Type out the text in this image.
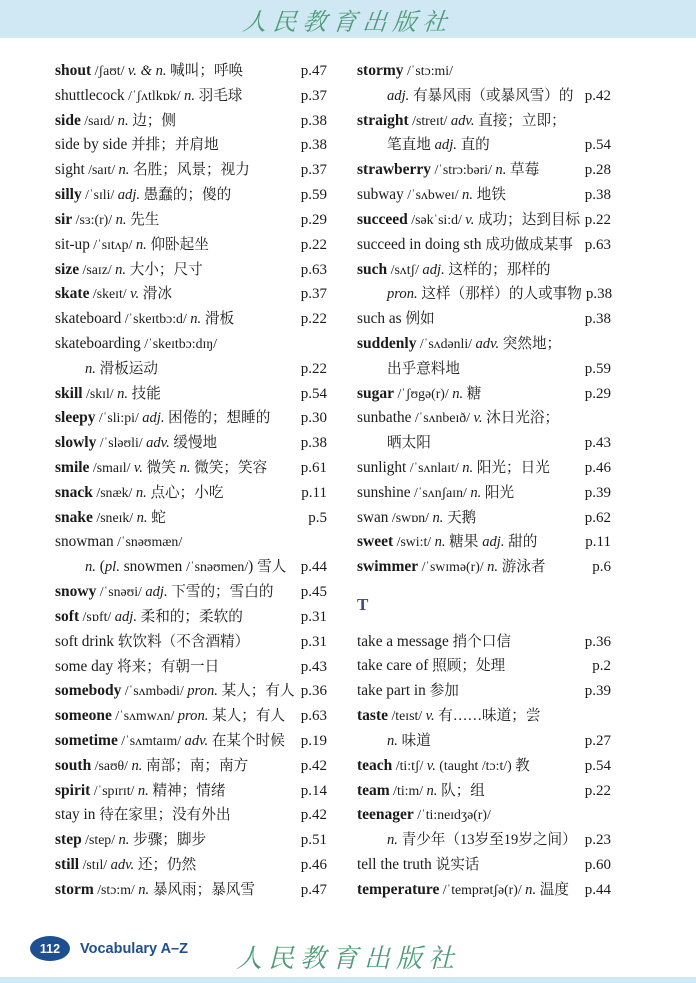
人民教育出版社
shout /ʃaʊt/ v. & n. 喊叫；呼唤	p.47
shuttlecock /ˈʃʌtlkɒk/ n. 羽毛球	p.37
side /saɪd/ n. 边；侧	p.38
side by side 并排；并肩地	p.38
sight /saɪt/ n. 名胜；风景；视力	p.37
silly /ˈsɪli/ adj. 愚蠢的；傻的	p.59
sir /sɜ:(r)/ n. 先生	p.29
sit-up /ˈsɪtʌp/ n. 仰卧起坐	p.22
size /saɪz/ n. 大小；尺寸	p.63
skate /skeɪt/ v. 滑冰	p.37
skateboard /ˈskeɪtbɔ:d/ n. 滑板	p.22
skateboarding /ˈskeɪtbɔ:dɪŋ/
n. 滑板运动	p.22
skill /skɪl/ n. 技能	p.54
sleepy /ˈsli:pi/ adj. 困倦的；想睡的	p.30
slowly /ˈsləʊli/ adv. 缓慢地	p.38
smile /smaɪl/ v. 微笑 n. 微笑；笑容	p.61
snack /snæk/ n. 点心；小吃	p.11
snake /sneɪk/ n. 蛇	p.5
snowman /ˈsnəʊmæn/
n. (pl. snowmen /ˈsnəʊmen/) 雪人 p.44
snowy /ˈsnəʊi/ adj. 下雪的；雪白的	p.45
soft /sɒft/ adj. 柔和的；柔软的	p.31
soft drink 软饮料（不含酒精）	p.31
some day 将来；有朝一日	p.43
somebody /ˈsʌmbədi/ pron. 某人；有人 p.36
someone /ˈsʌmwʌn/ pron. 某人；有人	p.63
sometime /ˈsʌmtaɪm/ adv. 在某个时候	p.19
south /saʊθ/ n. 南部；南；南方	p.42
spirit /ˈspɪrɪt/ n. 精神；情绪	p.14
stay in 待在家里；没有外出	p.42
step /step/ n. 步骤；脚步	p.51
still /stɪl/ adv. 还；仍然	p.46
storm /stɔ:m/ n. 暴风雨；暴风雪	p.47
stormy /ˈstɔ:mi/
adj. 有暴风雨（或暴风雪）的 p.42
straight /streɪt/ adv. 直接；立即；
笔直地 adj. 直的	p.54
strawberry /ˈstrɔ:bəri/ n. 草莓	p.28
subway /ˈsʌbweɪ/ n. 地铁	p.38
succeed /səkˈsi:d/ v. 成功；达到目标 p.22
succeed in doing sth 成功做成某事 p.63
such /sʌtʃ/ adj. 这样的；那样的
pron. 这样（那样）的人或事物 p.38
such as 例如	p.38
suddenly /ˈsʌdənli/ adv. 突然地；
出乎意料地	p.59
sugar /ˈʃʊgə(r)/ n. 糖	p.29
sunbathe /ˈsʌnbeɪð/ v. 沐日光浴；
晒太阳	p.43
sunlight /ˈsʌnlaɪt/ n. 阳光；日光	p.46
sunshine /ˈsʌnʃaɪn/ n. 阳光	p.39
swan /swɒn/ n. 天鹅	p.62
sweet /swi:t/ n. 糖果 adj. 甜的	p.11
swimmer /ˈswɪmə(r)/ n. 游泳者	p.6
T
take a message 捎个口信	p.36
take care of 照顾；处理	p.2
take part in 参加	p.39
taste /teɪst/ v. 有……味道；尝
n. 味道	p.27
teach /ti:tʃ/ v. (taught /tɔ:t/) 教	p.54
team /ti:m/ n. 队；组	p.22
teenager /ˈti:neɪdʒə(r)/
n. 青少年（13岁至19岁之间） p.23
tell the truth 说实话	p.60
temperature /ˈtemprətʃə(r)/ n. 温度	p.44
112	Vocabulary A–Z	人民教育出版社
